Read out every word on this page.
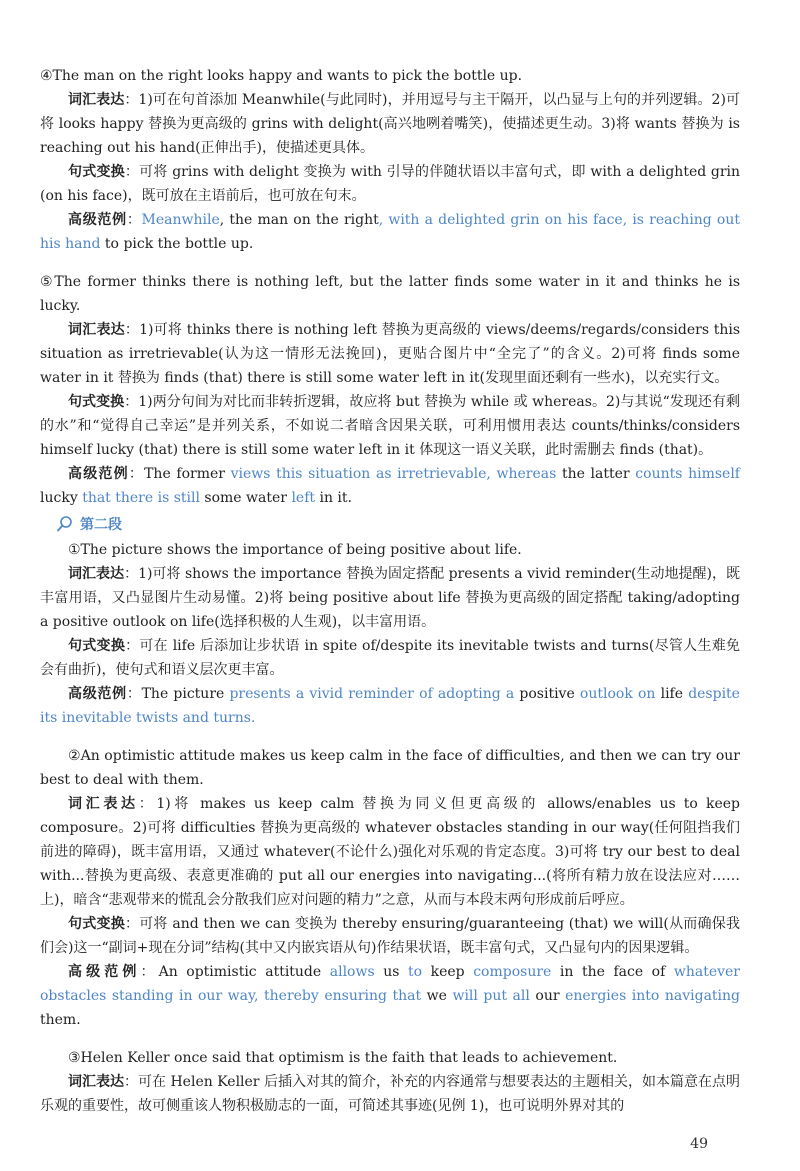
④The man on the right looks happy and wants to pick the bottle up.

词汇表达：1)可在句首添加 Meanwhile(与此同时)，并用逗号与主干隔开，以凸显与上句的并列逻辑。2)可将 looks happy 替换为更高级的 grins with delight(高兴地咧着嘴笑)，使描述更生动。3)将 wants 替换为 is reaching out his hand(正伸出手)，使描述更具体。

句式变换：可将 grins with delight 变换为 with 引导的伴随状语以丰富句式，即 with a delighted grin (on his face)，既可放在主语前后，也可放在句末。

高级范例：Meanwhile, the man on the right, with a delighted grin on his face, is reaching out his hand to pick the bottle up.

⑤The former thinks there is nothing left, but the latter finds some water in it and thinks he is lucky.

词汇表达：1)可将 thinks there is nothing left 替换为更高级的 views/deems/regards/considers this situation as irretrievable(认为这一情形无法挽回)，更贴合图片中“全完了”的含义。2)可将 finds some water in it 替换为 finds (that) there is still some water left in it(发现里面还剩有一些水)，以充实行文。

句式变换：1)两分句间为对比而非转折逻辑，故应将 but 替换为 while 或 whereas。2)与其说“发现还有剩的水”和“觉得自己幸运”是并列关系，不如说二者暗含因果关联，可利用惯用表达 counts/thinks/considers himself lucky (that) there is still some water left in it 体现这一语义关联，此时需删去 finds (that)。

高级范例：The former views this situation as irretrievable, whereas the latter counts himself lucky that there is still some water left in it.

第二段

①The picture shows the importance of being positive about life.

词汇表达：1)可将 shows the importance 替换为固定搭配 presents a vivid reminder(生动地提醒)，既丰富用语，又凸显图片生动易懂。2)将 being positive about life 替换为更高级的固定搭配 taking/adopting a positive outlook on life(选择积极的人生观)，以丰富用语。

句式变换：可在 life 后添加让步状语 in spite of/despite its inevitable twists and turns(尽管人生难免会有曲折)，使句式和语义层次更丰富。

高级范例：The picture presents a vivid reminder of adopting a positive outlook on life despite its inevitable twists and turns.

②An optimistic attitude makes us keep calm in the face of difficulties, and then we can try our best to deal with them.

词汇表达：1)将 makes us keep calm 替换为同义但更高级的 allows/enables us to keep composure。2)可将 difficulties 替换为更高级的 whatever obstacles standing in our way(任何阻挡我们前进的障碍)，既丰富用语，又通过 whatever(不论什么)强化对乐观的肯定态度。3)可将 try our best to deal with...替换为更高级、表意更准确的 put all our energies into navigating...(将所有精力放在设法应对……上)，暗含“悲观带来的慌乱会分散我们应对问题的精力”之意，从而与本段末两句形成前后呼应。

句式变换：可将 and then we can 变换为 thereby ensuring/guaranteeing (that) we will(从而确保我们会)这一“副词+现在分词”结构(其中又内嵌宾语从句)作结果状语，既丰富句式，又凸显句内的因果逻辑。

高级范例：An optimistic attitude allows us to keep composure in the face of whatever obstacles standing in our way, thereby ensuring that we will put all our energies into navigating them.

③Helen Keller once said that optimism is the faith that leads to achievement.

词汇表达：可在 Helen Keller 后插入对其的简介，补充的内容通常与想要表达的主题相关，如本篇意在点明乐观的重要性，故可侧重该人物积极励志的一面，可简述其事迹(见例 1)，也可说明外界对其的

49
